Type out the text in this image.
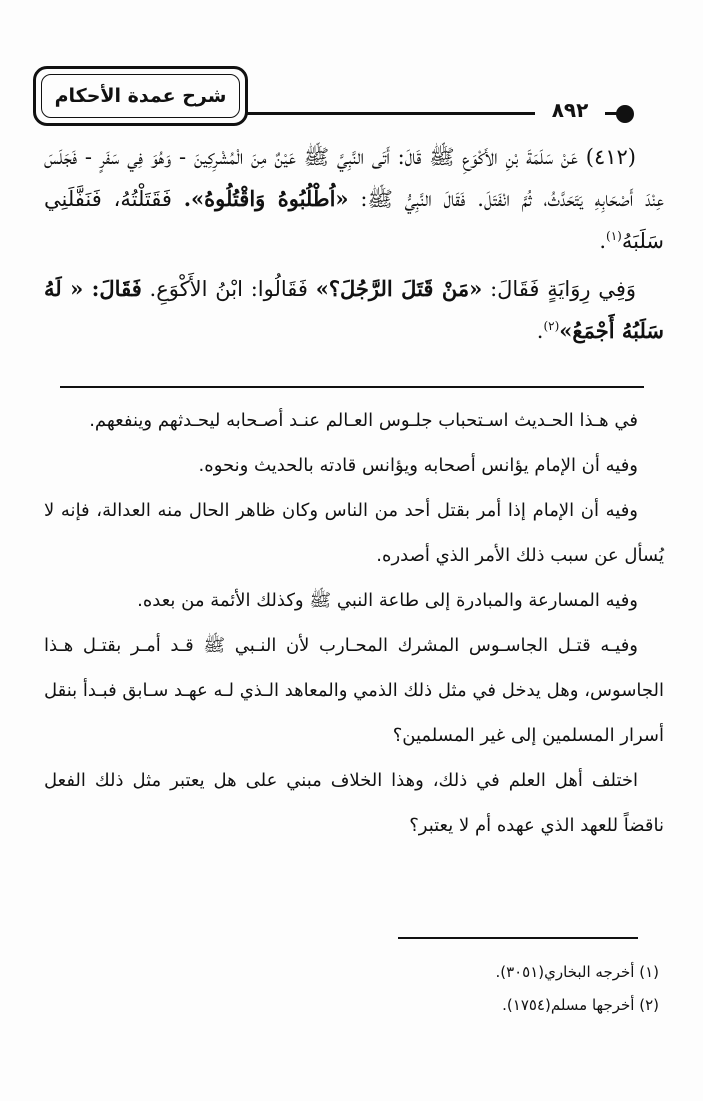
شرح عمدة الأحكام
٨٩٢

(٤١٢) عَنْ سَلَمَةَ بْنِ الأَكْوَعِ ﷺ قَالَ: أَتَى النَّبِيَّ ﷺ عَيْنٌ مِنَ الْمُشْرِكِينَ - وَهُوَ فِي سَفَرٍ - فَجَلَسَ عِنْدَ أَصْحَابِهِ يَتَحَدَّثُ، ثُمَّ انْفَتَلَ. فَقَالَ النَّبِيُّ ﷺ: «اُطْلُبُوهُ وَاقْتُلُوهُ». فَقَتَلْتُهُ، فَنَفَّلَنِي سَلَبَهُ$^{(١)}$.

وَفِي رِوَايَةٍ فَقَالَ: «مَنْ قَتَلَ الرَّجُلَ؟» فَقَالُوا: ابْنُ الأَكْوَعِ. فَقَالَ: « لَهُ سَلَبُهُ أَجْمَعُ»$^{(٢)}$.

في هـذا الحـديث اسـتحباب جلـوس العـالم عنـد أصـحابه ليحـدثهم وينفعهم.

وفيه أن الإمام يؤانس أصحابه ويؤانس قادته بالحديث ونحوه.

وفيه أن الإمام إذا أمر بقتل أحد من الناس وكان ظاهر الحال منه العدالة، فإنه لا يُسأل عن سبب ذلك الأمر الذي أصدره.

وفيه المسارعة والمبادرة إلى طاعة النبي ﷺ وكذلك الأئمة من بعده.

وفيـه قتـل الجاسـوس المشرك المحـارب لأن النـبي ﷺ قـد أمـر بقتـل هـذا الجاسوس، وهل يدخل في مثل ذلك الذمي والمعاهد الـذي لـه عهـد سـابق فبـدأ بنقل أسرار المسلمين إلى غير المسلمين؟

اختلف أهل العلم في ذلك، وهذا الخلاف مبني على هل يعتبر مثل ذلك الفعل ناقضاً للعهد الذي عهده أم لا يعتبر؟

(١) أخرجه البخاري(٣٠٥١).
(٢) أخرجها مسلم(١٧٥٤).
